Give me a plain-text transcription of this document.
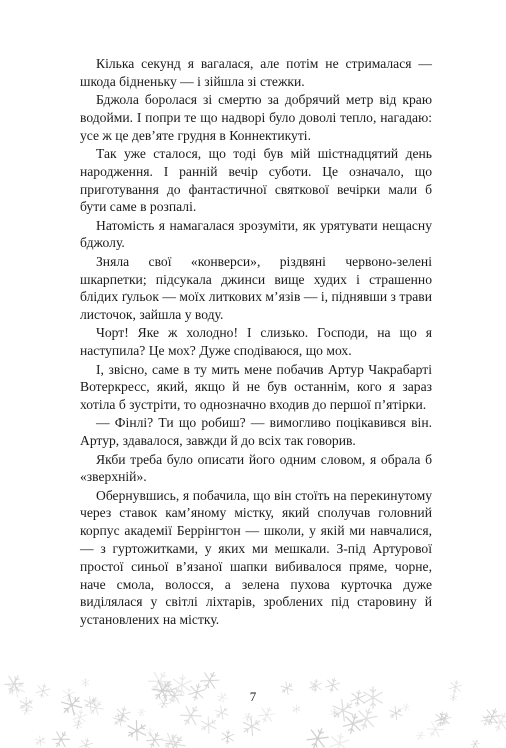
Кілька секунд я вагалася, але потім не стрималася — шкода бідненьку — і зійшла зі стежки.

Бджола боролася зі смертю за добрячий метр від краю водойми. І попри те що надворі було доволі тепло, нагадаю: усе ж це дев’яте грудня в Коннектикуті.

Так уже сталося, що тоді був мій шістнадцятий день народження. І ранній вечір суботи. Це означало, що приготування до фантастичної святкової вечірки мали б бути саме в розпалі.

Натомість я намагалася зрозуміти, як урятувати нещасну бджолу.

Зняла свої «конверси», різдвяні червоно-зелені шкарпетки; підсукала джинси вище худих і страшенно блідих ґульок — моїх литкових м’язів — і, піднявши з трави листочок, зайшла у воду.

Чорт! Яке ж холодно! І слизько. Господи, на що я наступила? Це мох? Дуже сподіваюся, що мох.

І, звісно, саме в ту мить мене побачив Артур Чакрабарті Вотеркресс, який, якщо й не був останнім, кого я зараз хотіла б зустріти, то однозначно входив до першої п’ятірки.

— Фінлі? Ти що робиш? — вимогливо поцікавився він. Артур, здавалося, завжди й до всіх так говорив.

Якби треба було описати його одним словом, я обрала б «зверхній».

Обернувшись, я побачила, що він стоїть на перекинутому через ставок кам’яному містку, який сполучав головний корпус академії Беррінгтон — школи, у якій ми навчалися, — з гуртожитками, у яких ми мешкали. З-під Артурової простої синьої в’язаної шапки вибивалося пряме, чорне, наче смола, волосся, а зелена пухова курточка дуже виділялася у світлі ліхтарів, зроблених під старовину й установлених на містку.

7
